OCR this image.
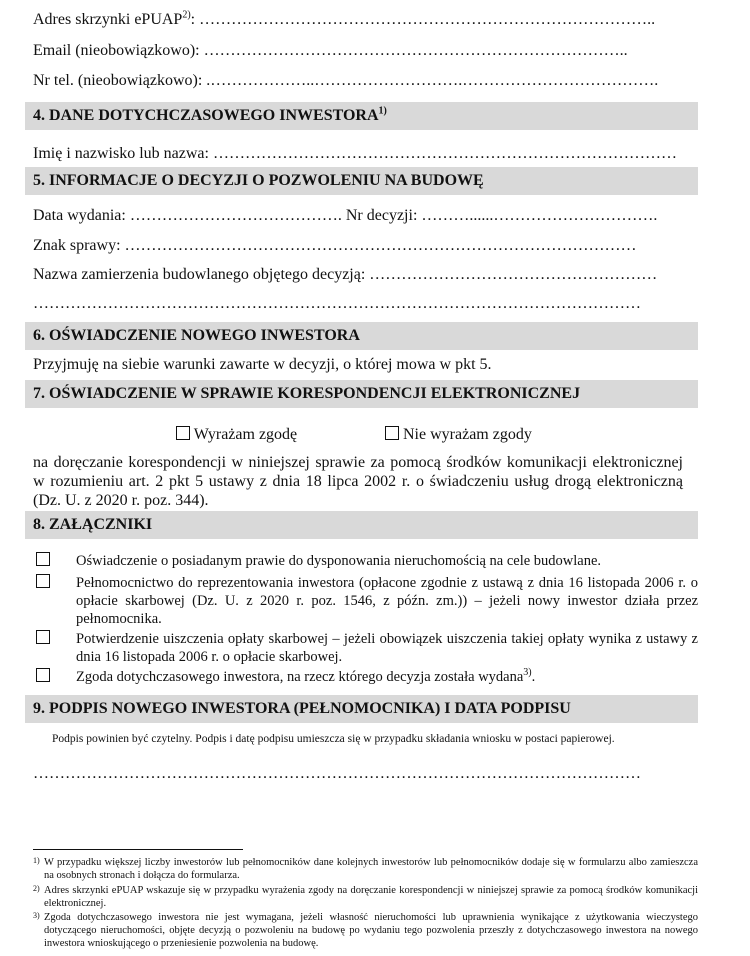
Adres skrzynki ePUAP$^{2)}$: …………………………………………………………………………..
Email (nieobowiązkowo): ……………………………………………………………………..
Nr tel. (nieobowiązkowo): .………………..……………………….……………………………….
4. DANE DOTYCHCZASOWEGO INWESTORA$^{1)}$
Imię i nazwisko lub nazwa: ……………………………………………………………………………
5. INFORMACJE O DECYZJI O POZWOLENIU NA BUDOWĘ
Data wydania: …………………………………. Nr decyzji: ………......………………………….
Znak sprawy: ……………………………………………………………………………………
Nazwa zamierzenia budowlanego objętego decyzją: ………………………………………………
……………………………………………………………………………………………………
6. OŚWIADCZENIE NOWEGO INWESTORA
Przyjmuję na siebie warunki zawarte w decyzji, o której mowa w pkt 5.
7. OŚWIADCZENIE W SPRAWIE KORESPONDENCJI ELEKTRONICZNEJ
Wyrażam zgodę	Nie wyrażam zgody
na doręczanie korespondencji w niniejszej sprawie za pomocą środków komunikacji elektronicznej w rozumieniu art. 2 pkt 5 ustawy z dnia 18 lipca 2002 r. o świadczeniu usług drogą elektroniczną (Dz. U. z 2020 r. poz. 344).
8. ZAŁĄCZNIKI
Oświadczenie o posiadanym prawie do dysponowania nieruchomością na cele budowlane.
Pełnomocnictwo do reprezentowania inwestora (opłacone zgodnie z ustawą z dnia 16 listopada 2006 r. o opłacie skarbowej (Dz. U. z 2020 r. poz. 1546, z późn. zm.)) – jeżeli nowy inwestor działa przez pełnomocnika.
Potwierdzenie uiszczenia opłaty skarbowej – jeżeli obowiązek uiszczenia takiej opłaty wynika z ustawy z dnia 16 listopada 2006 r. o opłacie skarbowej.
Zgoda dotychczasowego inwestora, na rzecz którego decyzja została wydana$^{3)}$.
9. PODPIS NOWEGO INWESTORA (PEŁNOMOCNIKA) I DATA PODPISU
Podpis powinien być czytelny. Podpis i datę podpisu umieszcza się w przypadku składania wniosku w postaci papierowej.
……………………………………………………………………………………………………
1) W przypadku większej liczby inwestorów lub pełnomocników dane kolejnych inwestorów lub pełnomocników dodaje się w formularzu albo zamieszcza na osobnych stronach i dołącza do formularza.
2) Adres skrzynki ePUAP wskazuje się w przypadku wyrażenia zgody na doręczanie korespondencji w niniejszej sprawie za pomocą środków komunikacji elektronicznej.
3) Zgoda dotychczasowego inwestora nie jest wymagana, jeżeli własność nieruchomości lub uprawnienia wynikające z użytkowania wieczystego dotyczącego nieruchomości, objęte decyzją o pozwoleniu na budowę po wydaniu tego pozwolenia przeszły z dotychczasowego inwestora na nowego inwestora wnioskującego o przeniesienie pozwolenia na budowę.
